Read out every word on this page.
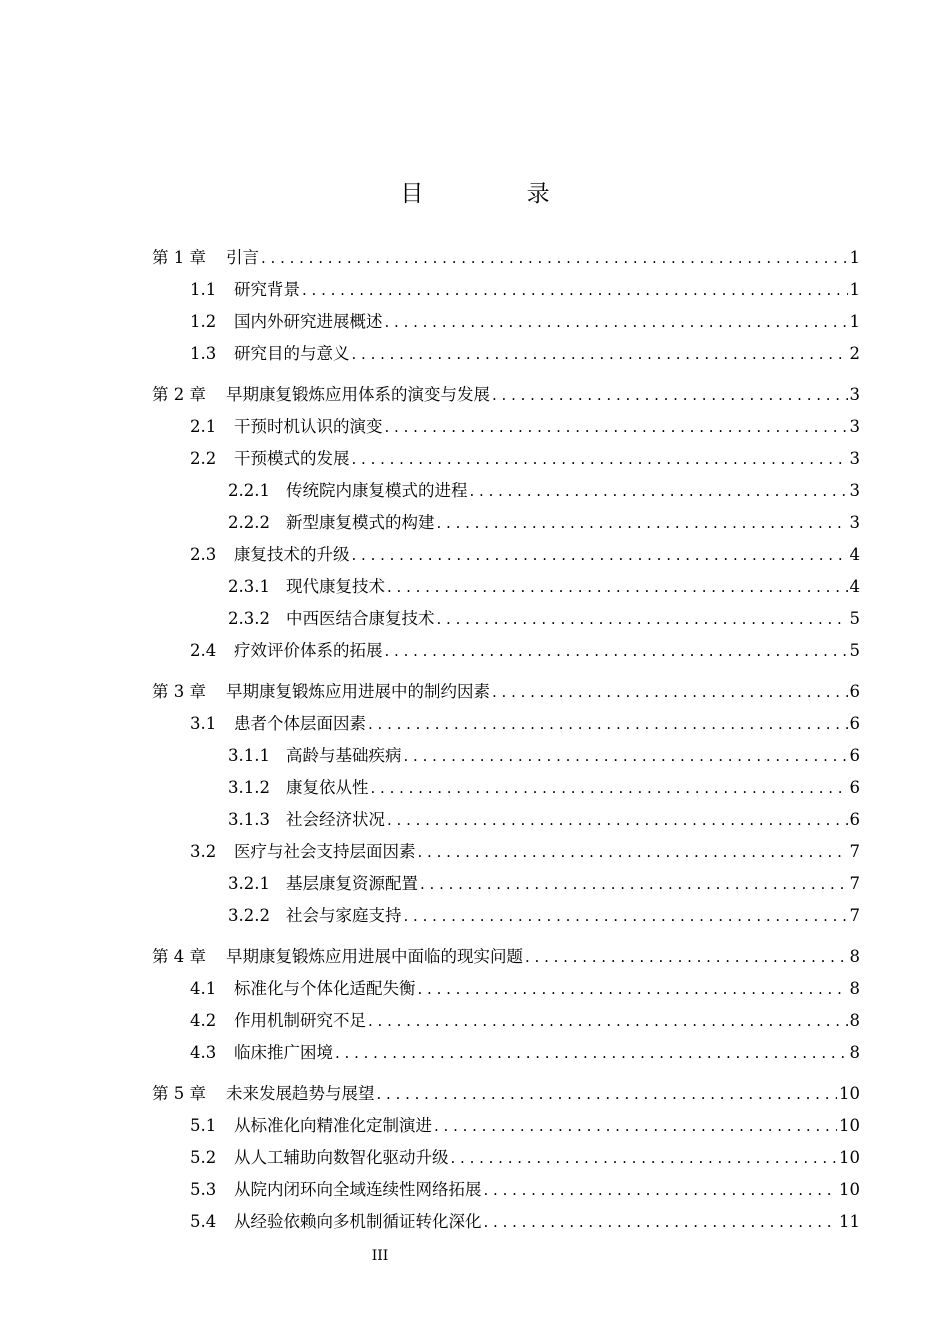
目 录
第 1 章	引言 . . .	1
1.1	研究背景 . . .	1
1.2	国内外研究进展概述 . . .	1
1.3	研究目的与意义 . . .	2
第 2 章	早期康复锻炼应用体系的演变与发展 . . .	3
2.1	干预时机认识的演变 . . .	3
2.2	干预模式的发展 . . .	3
2.2.1 传统院内康复模式的进程 . . .	3
2.2.2 新型康复模式的构建 . . .	3
2.3	康复技术的升级 . . .	4
2.3.1 现代康复技术 . . .	4
2.3.2 中西医结合康复技术 . . .	5
2.4	疗效评价体系的拓展 . . .	5
第 3 章	早期康复锻炼应用进展中的制约因素 . . .	6
3.1	患者个体层面因素 . . .	6
3.1.1 高龄与基础疾病 . . .	6
3.1.2 康复依从性 . . .	6
3.1.3 社会经济状况 . . .	6
3.2	医疗与社会支持层面因素 . . .	7
3.2.1 基层康复资源配置 . . .	7
3.2.2 社会与家庭支持 . . .	7
第 4 章	早期康复锻炼应用进展中面临的现实问题 . . .	8
4.1	标准化与个体化适配失衡 . . .	8
4.2	作用机制研究不足 . . .	8
4.3	临床推广困境 . . .	8
第 5 章	未来发展趋势与展望 . . .	10
5.1	从标准化向精准化定制演进 . . .	10
5.2	从人工辅助向数智化驱动升级 . . .	10
5.3	从院内闭环向全域连续性网络拓展 . . .	10
5.4	从经验依赖向多机制循证转化深化 . . .	11
III
